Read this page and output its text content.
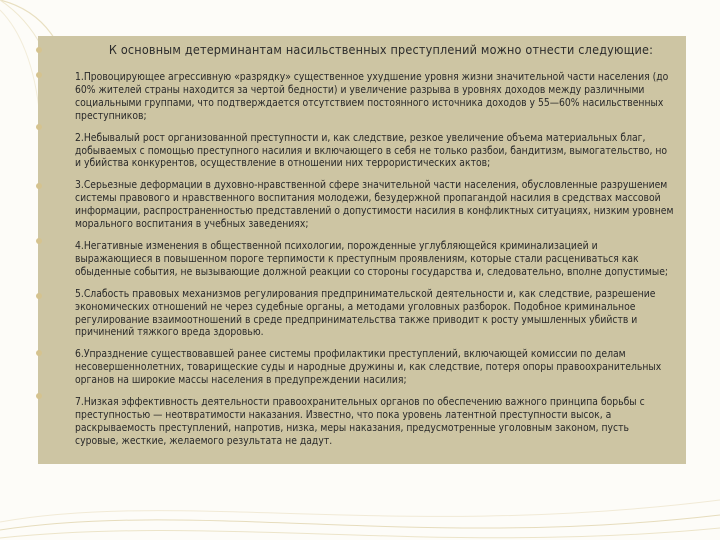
К основным детерминантам насильственных преступлений можно отнести следующие:

1.Провоцирующее агрессивную «разрядку» существенное ухудшение уровня жизни значительной части населения (до 60% жителей страны находится за чертой бедности) и увеличение разрыва в уровнях доходов между различными социальными группами, что подтверждается отсутствием постоянного источника доходов у 55—60% насильственных преступников;

2.Небывалый рост организованной преступности и, как следствие, резкое увеличение объема материальных благ, добываемых с помощью преступного насилия и включающего в себя не только разбои, бандитизм, вымогательство, но и убийства конкурентов, осуществление в отношении них террористических актов;

3.Серьезные деформации в духовно-нравственной сфере значительной части населения, обусловленные разрушением системы правового и нравственного воспитания молодежи, безудержной пропагандой насилия в средствах массовой информации, распространенностью представлений о допустимости насилия в конфликтных ситуациях, низким уровнем морального воспитания в учебных заведениях;

4.Негативные изменения в общественной психологии, порожденные углубляющейся криминализацией и выражающиеся в повышенном пороге терпимости к преступным проявлениям, которые стали расцениваться как обыденные события, не вызывающие должной реакции со стороны государства и, следовательно, вполне допустимые;

5.Слабость правовых механизмов регулирования предпринимательской деятельности и, как следствие, разрешение экономических отношений не через судебные органы, а методами уголовных разборок. Подобное криминальное регулирование взаимоотношений в среде предпринимательства также приводит к росту умышленных убийств и причинений тяжкого вреда здоровью.

6.Упразднение существовавшей ранее системы профилактики преступлений, включающей комиссии по делам несовершеннолетних, товарищеские суды и народные дружины и, как следствие, потеря опоры правоохранительных органов на широкие массы населения в предупреждении насилия;

7.Низкая эффективность деятельности правоохранительных органов по обеспечению важного принципа борьбы с преступностью — неотвратимости наказания. Известно, что пока уровень латентной преступности высок, а раскрываемость преступлений, напротив, низка, меры наказания, предусмотренные уголовным законом, пусть суровые, жесткие, желаемого результата не дадут.
